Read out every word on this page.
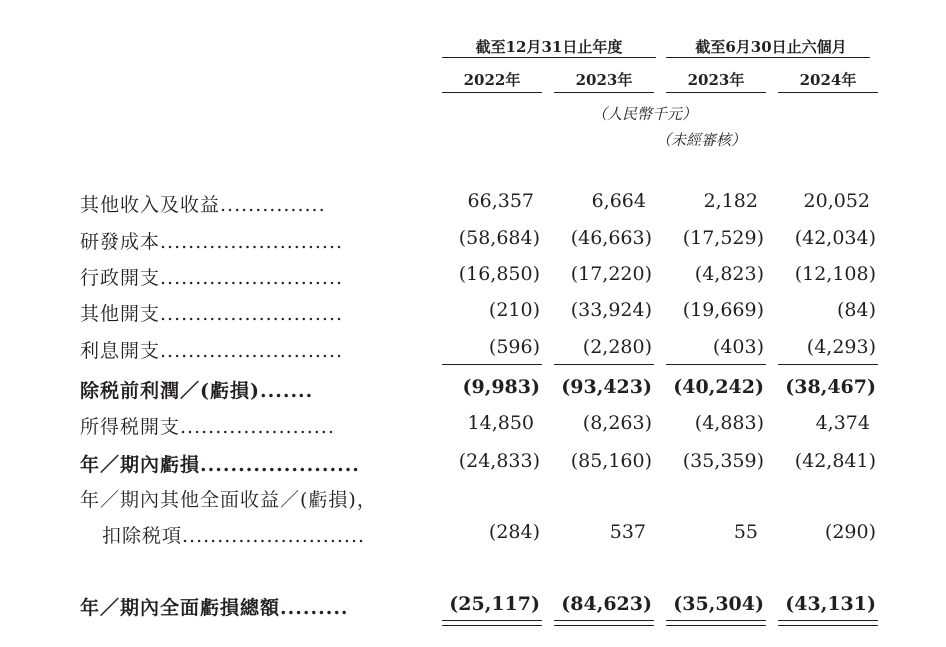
截至12月31日止年度	截至6月30日止六個月
2022年	2023年	2023年	2024年
（人民幣千元）
（未經審核）
其他收入及收益...............	66,357	6,664	2,182	20,052
研發成本..........................	(58,684)	(46,663)	(17,529)	(42,034)
行政開支..........................	(16,850)	(17,220)	(4,823)	(12,108)
其他開支..........................	(210)	(33,924)	(19,669)	(84)
利息開支..........................	(596)	(2,280)	(403)	(4,293)
除税前利潤／(虧損).......	(9,983)	(93,423)	(40,242)	(38,467)
所得税開支......................	14,850	(8,263)	(4,883)	4,374
年／期內虧損.....................	(24,833)	(85,160)	(35,359)	(42,841)
年／期內其他全面收益／(虧損)，
扣除税項..........................	(284)	537	55	(290)
年／期內全面虧損總額.........	(25,117)	(84,623)	(35,304)	(43,131)
